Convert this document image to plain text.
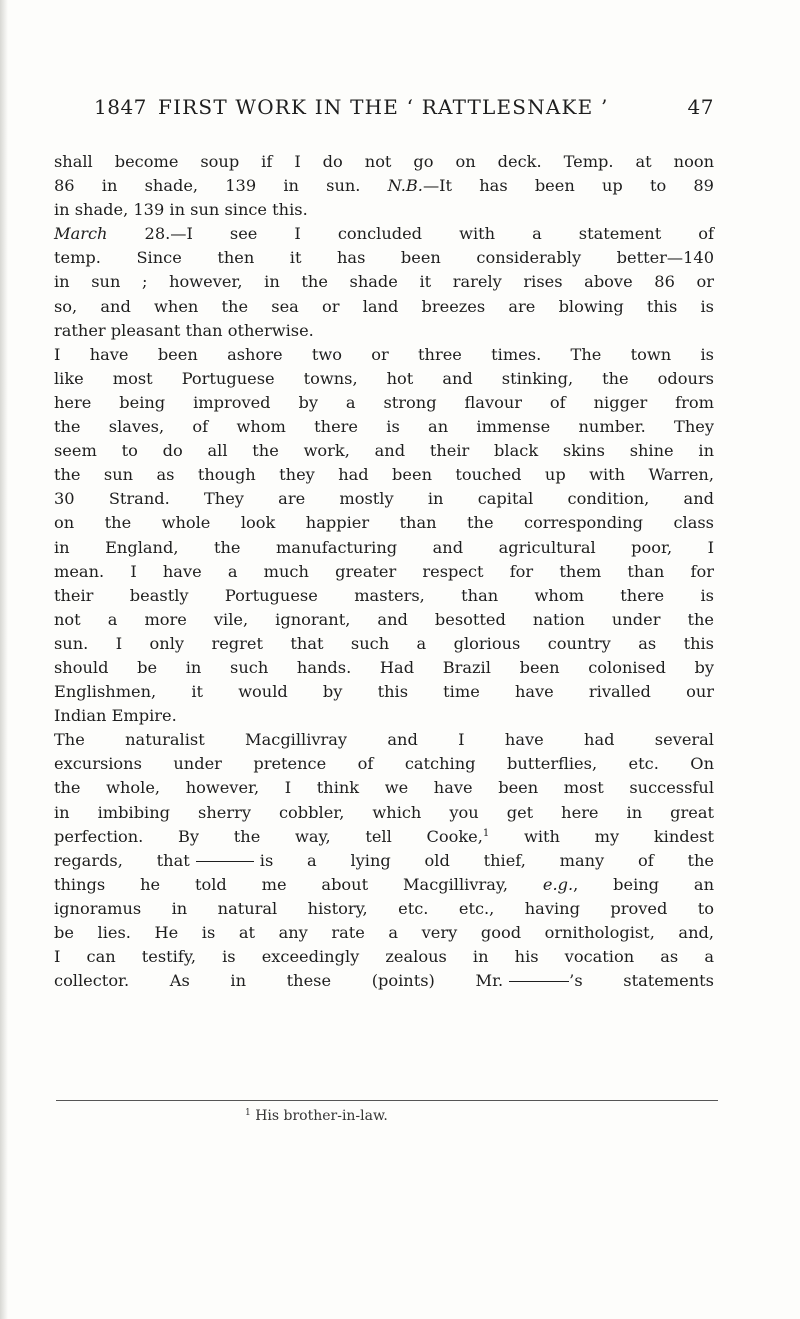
1847 FIRST WORK IN THE ‘ RATTLESNAKE ’	47
shall become soup if I do not go on deck. Temp. at noon
86 in shade, 139 in sun. N.B.—It has been up to 89
in shade, 139 in sun since this.
March 28.—I see I concluded with a statement of
temp. Since then it has been considerably better—140
in sun ; however, in the shade it rarely rises above 86 or
so, and when the sea or land breezes are blowing this is
rather pleasant than otherwise.
I have been ashore two or three times. The town is
like most Portuguese towns, hot and stinking, the odours
here being improved by a strong flavour of nigger from
the slaves, of whom there is an immense number. They
seem to do all the work, and their black skins shine in
the sun as though they had been touched up with Warren,
30 Strand. They are mostly in capital condition, and
on the whole look happier than the corresponding class
in England, the manufacturing and agricultural poor, I
mean. I have a much greater respect for them than for
their beastly Portuguese masters, than whom there is
not a more vile, ignorant, and besotted nation under the
sun. I only regret that such a glorious country as this
should be in such hands. Had Brazil been colonised by
Englishmen, it would by this time have rivalled our
Indian Empire.
The naturalist Macgillivray and I have had several
excursions under pretence of catching butterflies, etc. On
the whole, however, I think we have been most successful
in imbibing sherry cobbler, which you get here in great
perfection. By the way, tell Cooke,$^1$ with my kindest
regards, that	is a lying old thief, many of the
things he told me about Macgillivray, e.g., being an
ignoramus in natural history, etc. etc., having proved to
be lies. He is at any rate a very good ornithologist, and,
I can testify, is exceedingly zealous in his vocation as a
collector. As in these (points) Mr.	’s statements
$^1$ His brother-in-law.
